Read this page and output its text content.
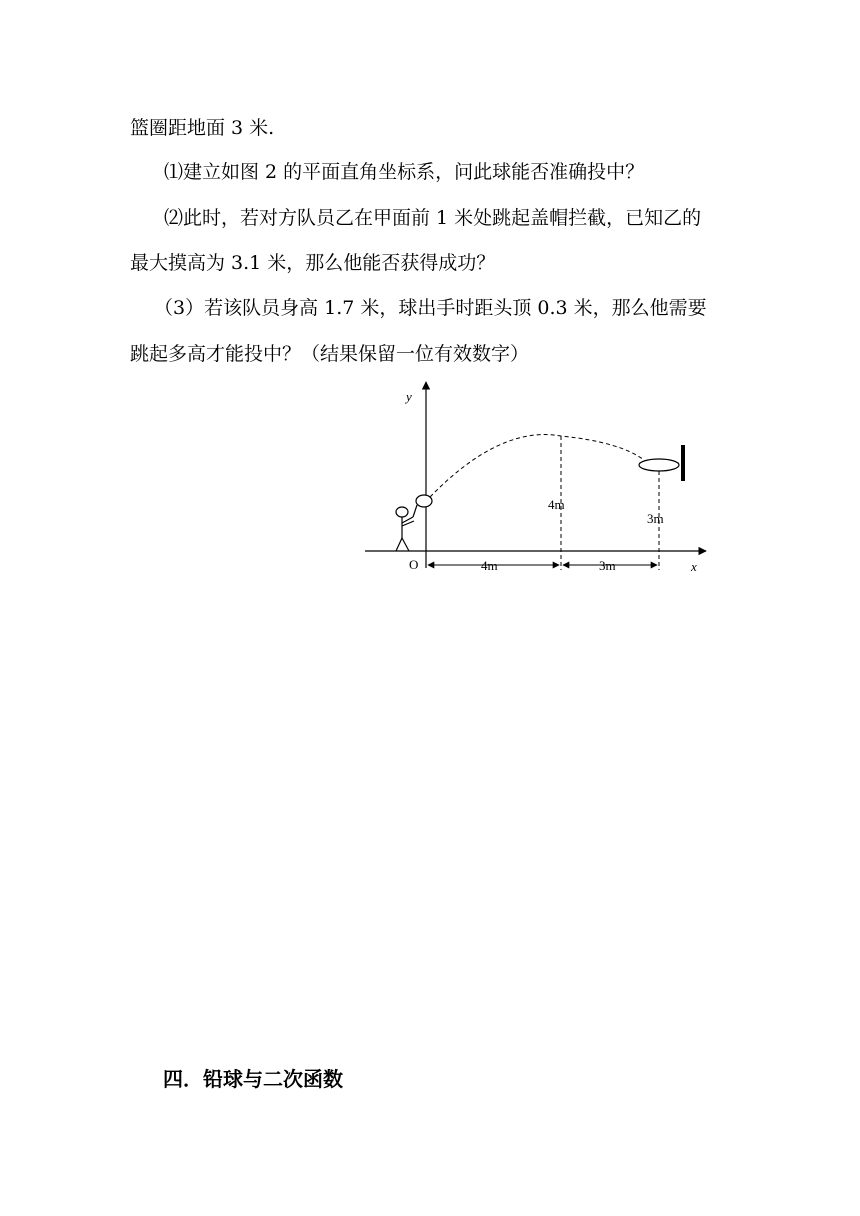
篮圈距地面 3 米.
⑴建立如图 2 的平面直角坐标系，问此球能否准确投中？
⑵此时，若对方队员乙在甲面前 1 米处跳起盖帽拦截，已知乙的
最大摸高为 3.1 米，那么他能否获得成功？
（3）若该队员身高 1.7 米，球出手时距头顶 0.3 米，那么他需要
跳起多高才能投中？（结果保留一位有效数字）
y
x
O
4m
3m
4m	3m
四．铅球与二次函数
